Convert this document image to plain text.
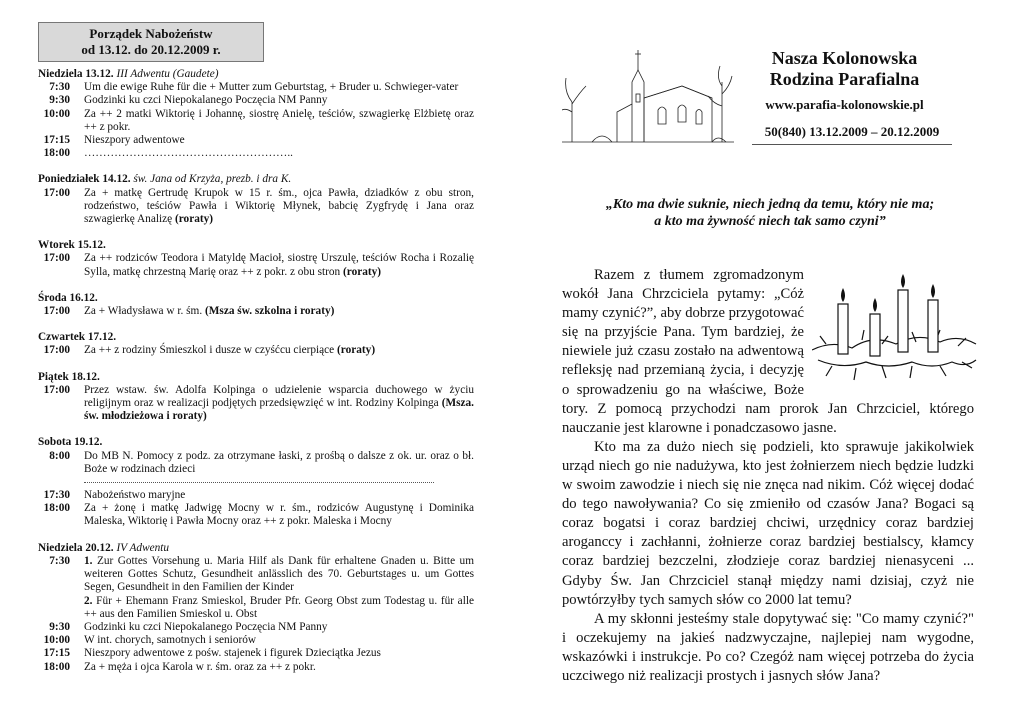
Porządek Nabożeństw
od 13.12. do 20.12.2009 r.
Niedziela 13.12. III Adwentu (Gaudete)
7:30	Um die ewige Ruhe für die + Mutter zum Geburtstag, + Bruder u. Schwieger-vater
9:30	Godzinki ku czci Niepokalanego Poczęcia NM Panny
10:00	Za ++ 2 matki Wiktorię i Johannę, siostrę Anielę, teściów, szwagierkę Elżbietę oraz ++ z pokr.
17:15	Nieszpory adwentowe
18:00	………………………………………………..
Poniedziałek 14.12. św. Jana od Krzyża, prezb. i dra K.
17:00	Za + matkę Gertrudę Krupok w 15 r. śm., ojca Pawła, dziadków z obu stron, rodzeństwo, teściów Pawła i Wiktorię Młynek, babcię Zygfrydę i Jana oraz szwagierkę Analizę (roraty)
Wtorek 15.12.
17:00	Za ++ rodziców Teodora i Matyldę Macioł, siostrę Urszulę, teściów Rocha i Rozalię Sylla, matkę chrzestną Marię oraz ++ z pokr. z obu stron (roraty)
Środa 16.12.
17:00	Za + Władysława w r. śm. (Msza św. szkolna i roraty)
Czwartek 17.12.
17:00	Za ++ z rodziny Śmieszkol i dusze w czyśćcu cierpiące (roraty)
Piątek 18.12.
17:00	Przez wstaw. św. Adolfa Kolpinga o udzielenie wsparcia duchowego w życiu religijnym oraz w realizacji podjętych przedsięwzięć w int. Rodziny Kolpinga (Msza. św. młodzieżowa i roraty)
Sobota 19.12.
8:00	Do MB N. Pomocy z podz. za otrzymane łaski, z prośbą o dalsze z ok. ur. oraz o bł. Boże w rodzinach dzieci
17:30	Nabożeństwo maryjne
18:00	Za + żonę i matkę Jadwigę Mocny w r. śm., rodziców Augustynę i Dominika Maleska, Wiktorię i Pawła Mocny oraz ++ z pokr. Maleska i Mocny
Niedziela 20.12. IV Adwentu
7:30	1. Zur Gottes Vorsehung u. Maria Hilf als Dank für erhaltene Gnaden u. Bitte um weiteren Gottes Schutz, Gesundheit anlässlich des 70. Geburtstages u. um Gottes Segen, Gesundheit in den Familien der Kinder
2. Für + Ehemann Franz Smieskol, Bruder Pfr. Georg Obst zum Todestag u. für alle ++ aus den Familien Smieskol u. Obst
9:30	Godzinki ku czci Niepokalanego Poczęcia NM Panny
10:00	W int. chorych, samotnych i seniorów
17:15	Nieszpory adwentowe z pośw. stajenek i figurek Dzieciątka Jezus
18:00	Za + męża i ojca Karola w r. śm. oraz za ++ z pokr.
Nasza Kolonowska
Rodzina Parafialna
www.parafia-kolonowskie.pl
50(840) 13.12.2009 – 20.12.2009
„Kto ma dwie suknie, niech jedną da temu, który nie ma;
a kto ma żywność niech tak samo czyni”

Razem z tłumem zgromadzonym wokół Jana Chrzciciela pytamy: „Cóż mamy czynić?”, aby dobrze przygotować się na przyjście Pana. Tym bardziej, że niewiele już czasu zostało na adwentową refleksję nad przemianą życia, i decyzję o sprowadzeniu go na właściwe, Boże tory. Z pomocą przychodzi nam prorok Jan Chrzciciel, którego nauczanie jest klarowne i ponadczasowo jasne.

Kto ma za dużo niech się podzieli, kto sprawuje jakikolwiek urząd niech go nie nadużywa, kto jest żołnierzem niech będzie ludzki w swoim zawodzie i niech się nie znęca nad nikim. Cóż więcej dodać do tego nawoływania? Co się zmieniło od czasów Jana? Bogaci są coraz bogatsi i coraz bardziej chciwi, urzędnicy coraz bardziej aroganccy i zachłanni, żołnierze coraz bardziej bestialscy, kłamcy coraz bardziej bezczelni, złodzieje coraz bardziej nienasyceni ... Gdyby Św. Jan Chrzciciel stanął między nami dzisiaj, czyż nie powtórzyłby tych samych słów co 2000 lat temu?

A my skłonni jesteśmy stale dopytywać się: "Co mamy czynić?" i oczekujemy na jakieś nadzwyczajne, najlepiej nam wygodne, wskazówki i instrukcje. Po co? Czegóż nam więcej potrzeba do życia uczciwego niż realizacji prostych i jasnych słów Jana?
